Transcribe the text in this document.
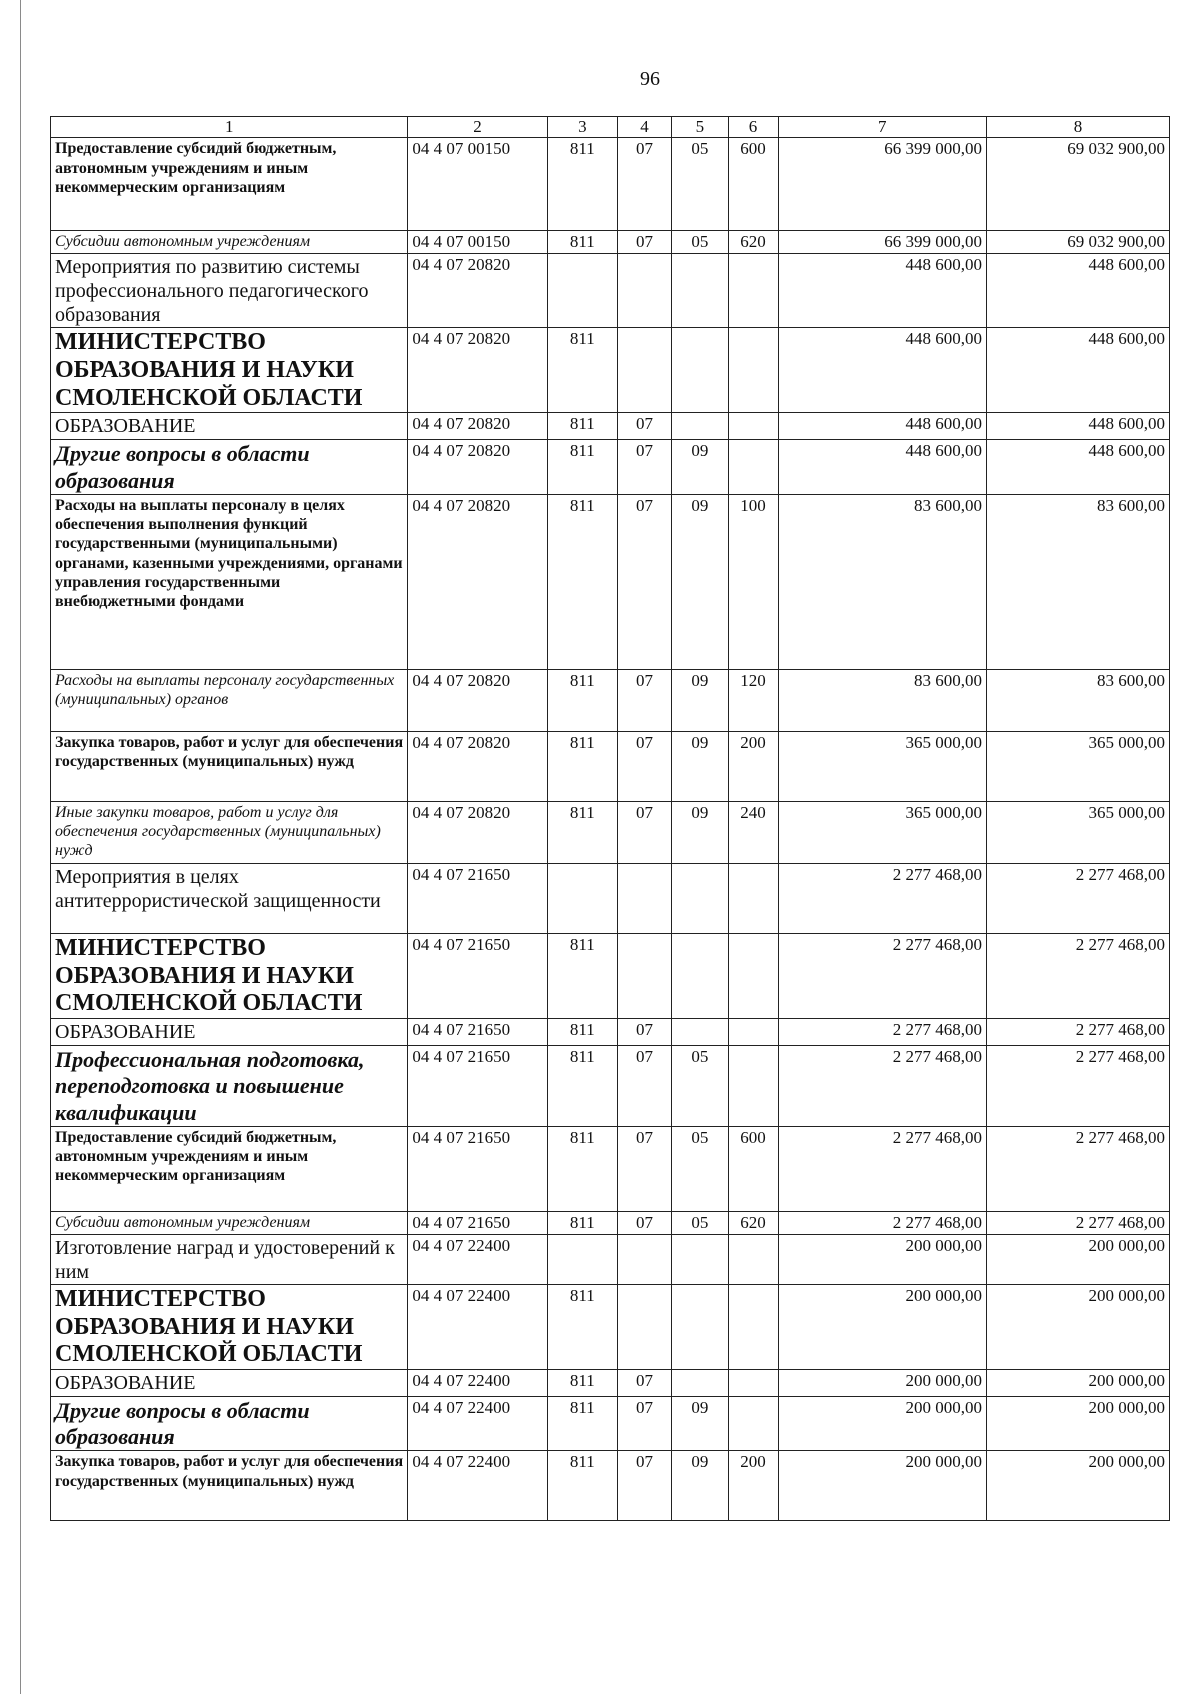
96
1	2	3	4	5	6	7	8
Предоставление субсидий бюджетным, автономным учреждениям и иным некоммерческим организациям	04 4 07 00150	811	07	05	600	66 399 000,00	69 032 900,00
Субсидии автономным учреждениям	04 4 07 00150	811	07	05	620	66 399 000,00	69 032 900,00
Мероприятия по развитию системы профессионального педагогического образования	04 4 07 20820					448 600,00	448 600,00
МИНИСТЕРСТВО ОБРАЗОВАНИЯ И НАУКИ СМОЛЕНСКОЙ ОБЛАСТИ	04 4 07 20820	811				448 600,00	448 600,00
ОБРАЗОВАНИЕ	04 4 07 20820	811	07			448 600,00	448 600,00
Другие вопросы в области образования	04 4 07 20820	811	07	09		448 600,00	448 600,00
Расходы на выплаты персоналу в целях обеспечения выполнения функций государственными (муниципальными) органами, казенными учреждениями, органами управления государственными внебюджетными фондами	04 4 07 20820	811	07	09	100	83 600,00	83 600,00
Расходы на выплаты персоналу государственных (муниципальных) органов	04 4 07 20820	811	07	09	120	83 600,00	83 600,00
Закупка товаров, работ и услуг для обеспечения государственных (муниципальных) нужд	04 4 07 20820	811	07	09	200	365 000,00	365 000,00
Иные закупки товаров, работ и услуг для обеспечения государственных (муниципальных) нужд	04 4 07 20820	811	07	09	240	365 000,00	365 000,00
Мероприятия в целях антитеррористической защищенности	04 4 07 21650					2 277 468,00	2 277 468,00
МИНИСТЕРСТВО ОБРАЗОВАНИЯ И НАУКИ СМОЛЕНСКОЙ ОБЛАСТИ	04 4 07 21650	811				2 277 468,00	2 277 468,00
ОБРАЗОВАНИЕ	04 4 07 21650	811	07			2 277 468,00	2 277 468,00
Профессиональная подготовка, переподготовка и повышение квалификации	04 4 07 21650	811	07	05		2 277 468,00	2 277 468,00
Предоставление субсидий бюджетным, автономным учреждениям и иным некоммерческим организациям	04 4 07 21650	811	07	05	600	2 277 468,00	2 277 468,00
Субсидии автономным учреждениям	04 4 07 21650	811	07	05	620	2 277 468,00	2 277 468,00
Изготовление наград и удостоверений к ним	04 4 07 22400					200 000,00	200 000,00
МИНИСТЕРСТВО ОБРАЗОВАНИЯ И НАУКИ СМОЛЕНСКОЙ ОБЛАСТИ	04 4 07 22400	811				200 000,00	200 000,00
ОБРАЗОВАНИЕ	04 4 07 22400	811	07			200 000,00	200 000,00
Другие вопросы в области образования	04 4 07 22400	811	07	09		200 000,00	200 000,00
Закупка товаров, работ и услуг для обеспечения государственных (муниципальных) нужд	04 4 07 22400	811	07	09	200	200 000,00	200 000,00
